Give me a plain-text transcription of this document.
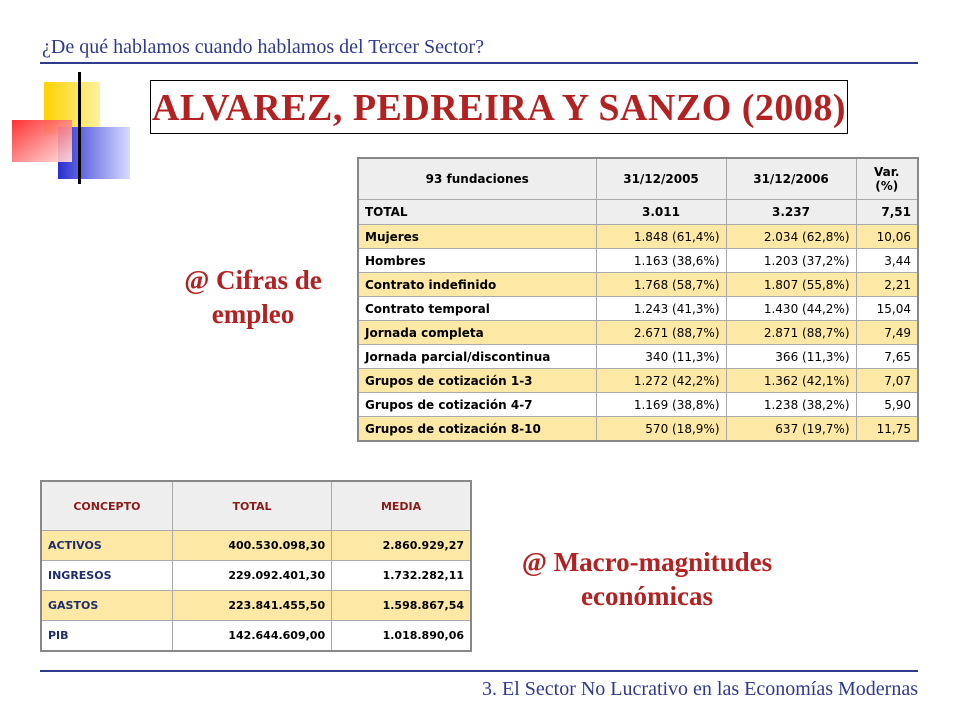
¿De qué hablamos cuando hablamos del Tercer Sector?
ALVAREZ, PEDREIRA Y SANZO (2008)
@ Cifras de
empleo
93 fundaciones	31/12/2005	31/12/2006	Var. (%)
TOTAL	3.011	3.237	7,51
Mujeres	1.848 (61,4%)	2.034 (62,8%)	10,06
Hombres	1.163 (38,6%)	1.203 (37,2%)	3,44
Contrato indefinido	1.768 (58,7%)	1.807 (55,8%)	2,21
Contrato temporal	1.243 (41,3%)	1.430 (44,2%)	15,04
Jornada completa	2.671 (88,7%)	2.871 (88,7%)	7,49
Jornada parcial/discontinua	340 (11,3%)	366 (11,3%)	7,65
Grupos de cotización 1-3	1.272 (42,2%)	1.362 (42,1%)	7,07
Grupos de cotización 4-7	1.169 (38,8%)	1.238 (38,2%)	5,90
Grupos de cotización 8-10	570 (18,9%)	637 (19,7%)	11,75
CONCEPTO	TOTAL	MEDIA
ACTIVOS	400.530.098,30	2.860.929,27
INGRESOS	229.092.401,30	1.732.282,11
GASTOS	223.841.455,50	1.598.867,54
PIB	142.644.609,00	1.018.890,06
@ Macro-magnitudes
económicas
3. El Sector No Lucrativo en las Economías Modernas
